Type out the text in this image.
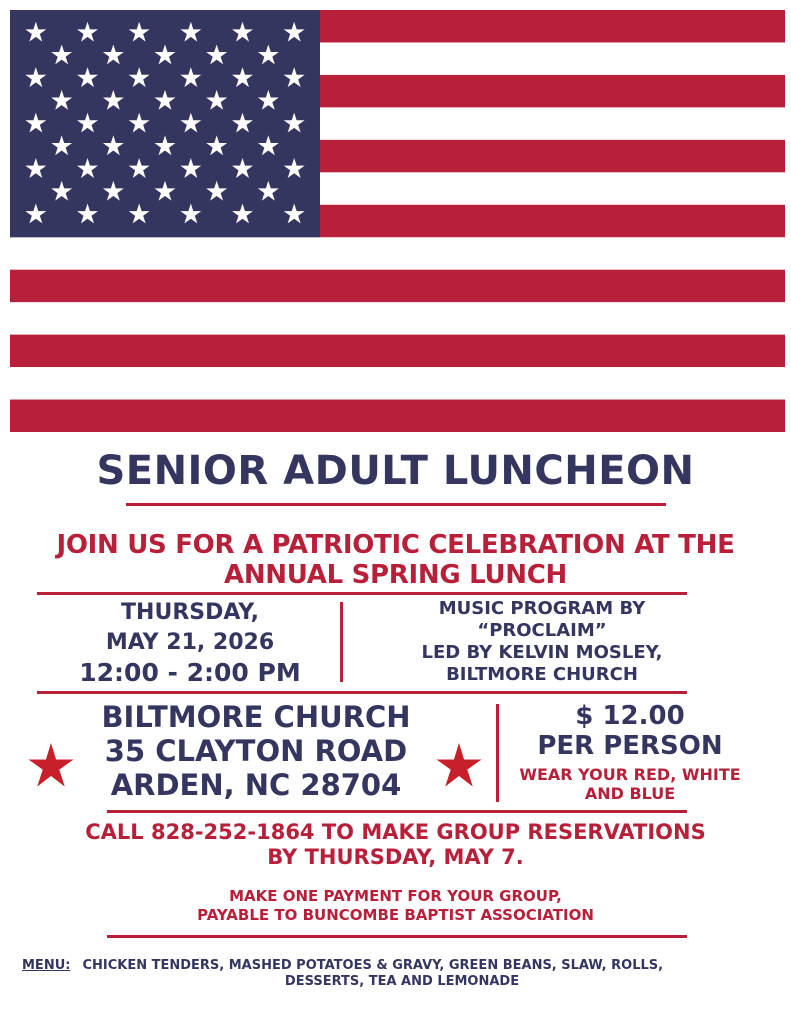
SENIOR ADULT LUNCHEON
JOIN US FOR A PATRIOTIC CELEBRATION AT THE
ANNUAL SPRING LUNCH
THURSDAY,
MAY 21, 2026
12:00 - 2:00 PM
MUSIC PROGRAM BY
“PROCLAIM”
LED BY KELVIN MOSLEY,
BILTMORE CHURCH
BILTMORE CHURCH
35 CLAYTON ROAD
ARDEN, NC 28704
$ 12.00
PER PERSON
WEAR YOUR RED, WHITE
AND BLUE
CALL 828-252-1864 TO MAKE GROUP RESERVATIONS
BY THURSDAY, MAY 7.
MAKE ONE PAYMENT FOR YOUR GROUP,
PAYABLE TO BUNCOMBE BAPTIST ASSOCIATION
MENU: CHICKEN TENDERS, MASHED POTATOES & GRAVY, GREEN BEANS, SLAW, ROLLS,
DESSERTS, TEA AND LEMONADE
